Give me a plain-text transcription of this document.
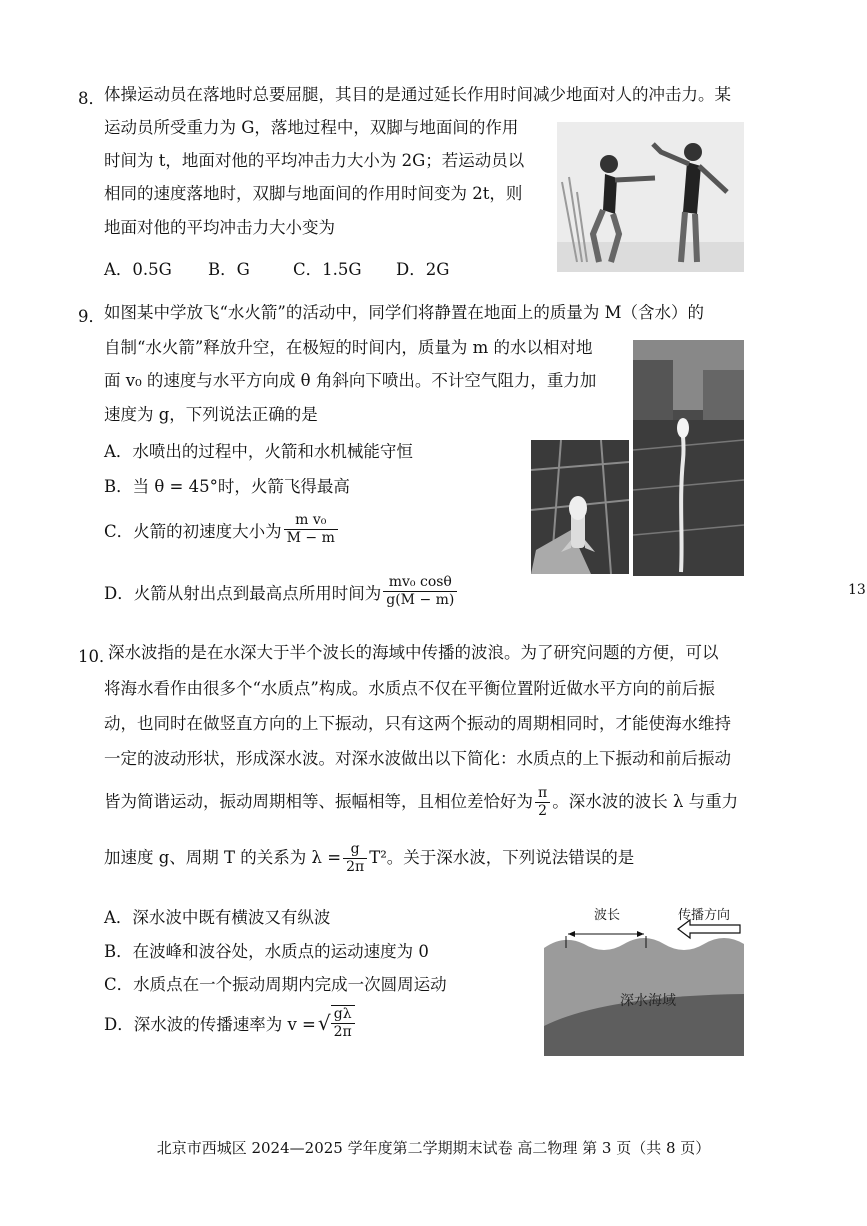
8． 体操运动员在落地时总要屈腿，其目的是通过延长作用时间减少地面对人的冲击力。某
运动员所受重力为 G，落地过程中，双脚与地面间的作用
时间为 t，地面对他的平均冲击力大小为 2G；若运动员以
相同的速度落地时，双脚与地面间的作用时间变为 2t，则
地面对他的平均冲击力大小变为
A．0.5G B．G	C．1.5G D．2G
9． 如图某中学放飞“水火箭”的活动中，同学们将静置在地面上的质量为 M（含水）的
自制“水火箭”释放升空，在极短的时间内，质量为 m 的水以相对地
面 v₀ 的速度与水平方向成 θ 角斜向下喷出。不计空气阻力，重力加
速度为 g，下列说法正确的是
A．水喷出的过程中，火箭和水机械能守恒
B．当 θ = 45°时，火箭飞得最高
C．火箭的初速度大小为 $\frac{\text{m v₀}}{M - m}$
D．火箭从射出点到最高点所用时间为 $\frac{\text{mv₀ cosθ}}{g(M - m)}$	13
10．
深水波指的是在水深大于半个波长的海域中传播的波浪。为了研究问题的方便，可以
将海水看作由很多个“水质点”构成。水质点不仅在平衡位置附近做水平方向的前后振
动，也同时在做竖直方向的上下振动，只有这两个振动的周期相同时，才能使海水维持
一定的波动形状，形成深水波。对深水波做出以下简化：水质点的上下振动和前后振动
皆为简谐运动，振动周期相等、振幅相等，且相位差恰好为 $\frac{\pi}{2}$ 。深水波的波长 λ 与重力
加速度 g、周期 T 的关系为 $\lambda = \frac{g}{2\pi} T^2$。关于深水波，下列说法错误的是
A．深水波中既有横波又有纵波
B．在波峰和波谷处，水质点的运动速度为 0
C．水质点在一个振动周期内完成一次圆周运动
D．深水波的传播速率为 v = √ $\frac{g\lambda}{2\pi}$
波长	传播方向
深水海域
北京市西城区 2024—2025 学年度第二学期期末试卷 高二物理 第 3 页（共 8 页）
